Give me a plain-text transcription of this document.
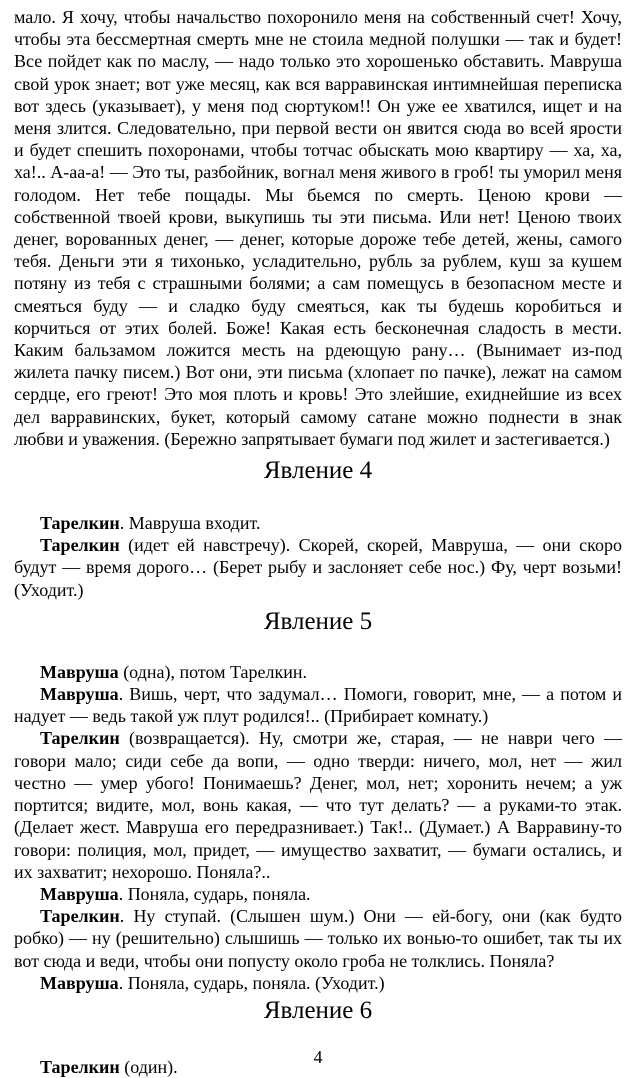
мало. Я хочу, чтобы начальство похоронило меня на собственный счет! Хочу, чтобы эта бессмертная смерть мне не стоила медной полушки — так и будет! Все пойдет как по маслу, — надо только это хорошенько обставить. Мавруша свой урок знает; вот уже месяц, как вся варравинская интимнейшая переписка вот здесь (указывает), у меня под сюртуком!! Он уже ее хватился, ищет и на меня злится. Следовательно, при первой вести он явится сюда во всей ярости и будет спешить похоронами, чтобы тотчас обыскать мою квартиру — ха, ха, ха!.. А-аа-а! — Это ты, разбойник, вогнал меня живого в гроб! ты уморил меня голодом. Нет тебе пощады. Мы бьемся по смерть. Ценою крови — собственной твоей крови, выкупишь ты эти письма. Или нет! Ценою твоих денег, ворованных денег, — денег, которые дороже тебе детей, жены, самого тебя. Деньги эти я тихонько, усладительно, рубль за рублем, куш за кушем потяну из тебя с страшными болями; а сам помещусь в безопасном месте и смеяться буду — и сладко буду смеяться, как ты будешь коробиться и корчиться от этих болей. Боже! Какая есть бесконечная сладость в мести. Каким бальзамом ложится месть на рдеющую рану… (Вынимает из-под жилета пачку писем.) Вот они, эти письма (хлопает по пачке), лежат на самом сердце, его греют! Это моя плоть и кровь! Это злейшие, ехиднейшие из всех дел варравинских, букет, который самому сатане можно поднести в знак любви и уважения. (Бережно запрятывает бумаги под жилет и застегивается.)

Явление 4

Тарелкин. Мавруша входит.

Тарелкин (идет ей навстречу). Скорей, скорей, Мавруша, — они скоро будут — время дорого… (Берет рыбу и заслоняет себе нос.) Фу, черт возьми! (Уходит.)

Явление 5

Мавруша (одна), потом Тарелкин.

Мавруша. Вишь, черт, что задумал… Помоги, говорит, мне, — а потом и надует — ведь такой уж плут родился!.. (Прибирает комнату.)

Тарелкин (возвращается). Ну, смотри же, старая, — не наври чего — говори мало; сиди себе да вопи, — одно тверди: ничего, мол, нет — жил честно — умер убого! Понимаешь? Денег, мол, нет; хоронить нечем; а уж портится; видите, мол, вонь какая, — что тут делать? — а руками-то этак. (Делает жест. Мавруша его передразнивает.) Так!.. (Думает.) А Варравину-то говори: полиция, мол, придет, — имущество захватит, — бумаги остались, и их захватит; нехорошо. Поняла?..

Мавруша. Поняла, сударь, поняла.

Тарелкин. Ну ступай. (Слышен шум.) Они — ей-богу, они (как будто робко) — ну (решительно) слышишь — только их вонью-то ошибет, так ты их вот сюда и веди, чтобы они попусту около гроба не толклись. Поняла?

Мавруша. Поняла, сударь, поняла. (Уходит.)

Явление 6

Тарелкин (один).	4
